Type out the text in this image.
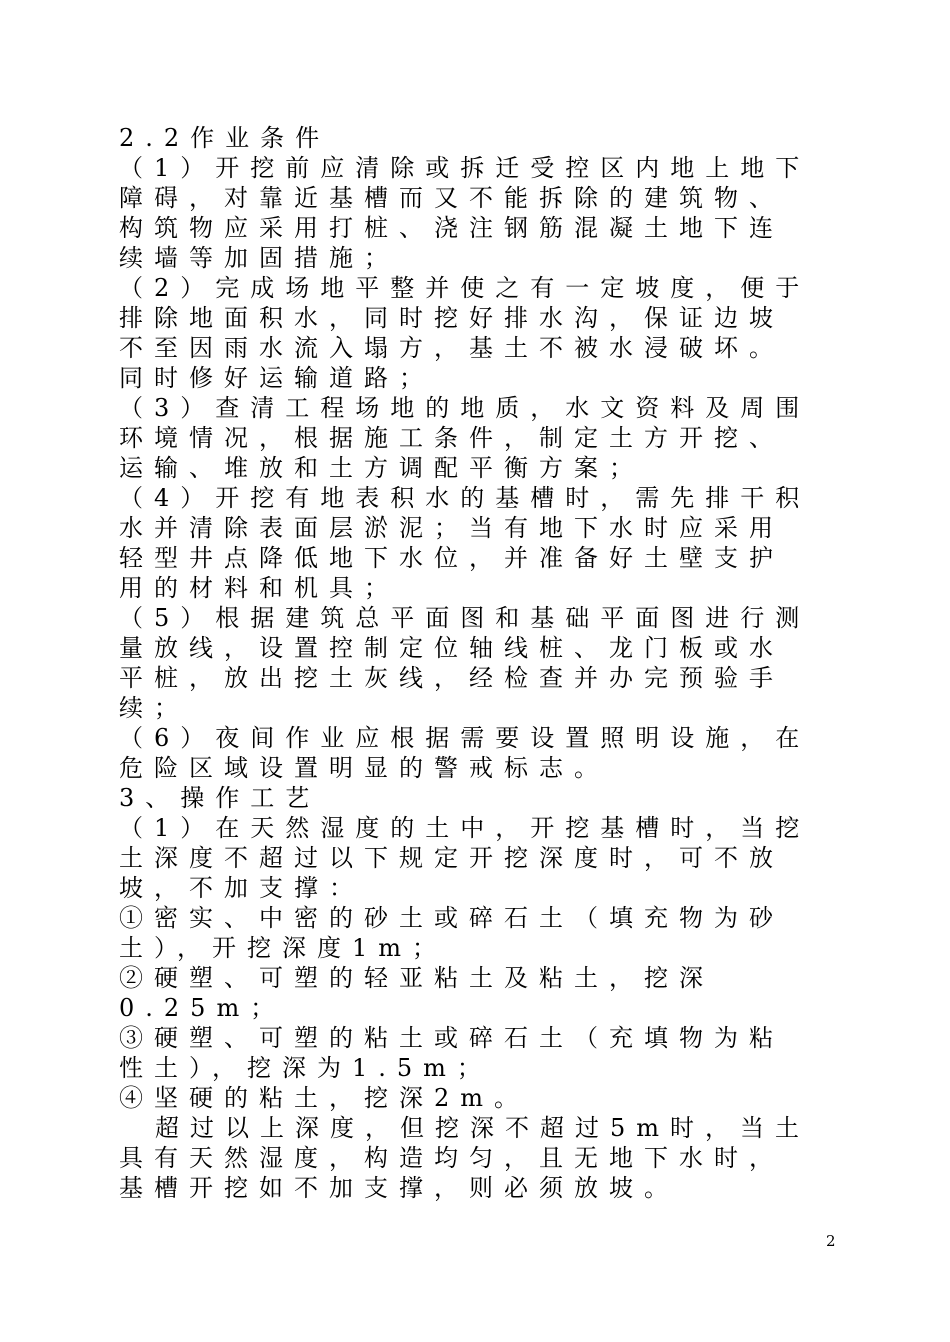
2.2作业条件
（1）开挖前应清除或拆迁受控区内地上地下
障碍，对靠近基槽而又不能拆除的建筑物、
构筑物应采用打桩、浇注钢筋混凝土地下连
续墙等加固措施；
（2）完成场地平整并使之有一定坡度，便于
排除地面积水，同时挖好排水沟，保证边坡
不至因雨水流入塌方，基土不被水浸破坏。
同时修好运输道路；
（3）查清工程场地的地质，水文资料及周围
环境情况，根据施工条件，制定土方开挖、
运输、堆放和土方调配平衡方案；
（4）开挖有地表积水的基槽时，需先排干积
水并清除表面层淤泥；当有地下水时应采用
轻型井点降低地下水位，并准备好土壁支护
用的材料和机具；
（5）根据建筑总平面图和基础平面图进行测
量放线，设置控制定位轴线桩、龙门板或水
平桩，放出挖土灰线，经检查并办完预验手
续；
（6）夜间作业应根据需要设置照明设施，在
危险区域设置明显的警戒标志。
3、操作工艺
（1）在天然湿度的土中，开挖基槽时，当挖
土深度不超过以下规定开挖深度时，可不放
坡，不加支撑：
①密实、中密的砂土或碎石土（填充物为砂
土），开挖深度1m；
②硬塑、可塑的轻亚粘土及粘土，挖深
0.25m；
③硬塑、可塑的粘土或碎石土（充填物为粘
性土），挖深为1.5m；
④坚硬的粘土，挖深2m。
超过以上深度，但挖深不超过5m时，当土
具有天然湿度，构造均匀，且无地下水时，
基槽开挖如不加支撑，则必须放坡。
2
